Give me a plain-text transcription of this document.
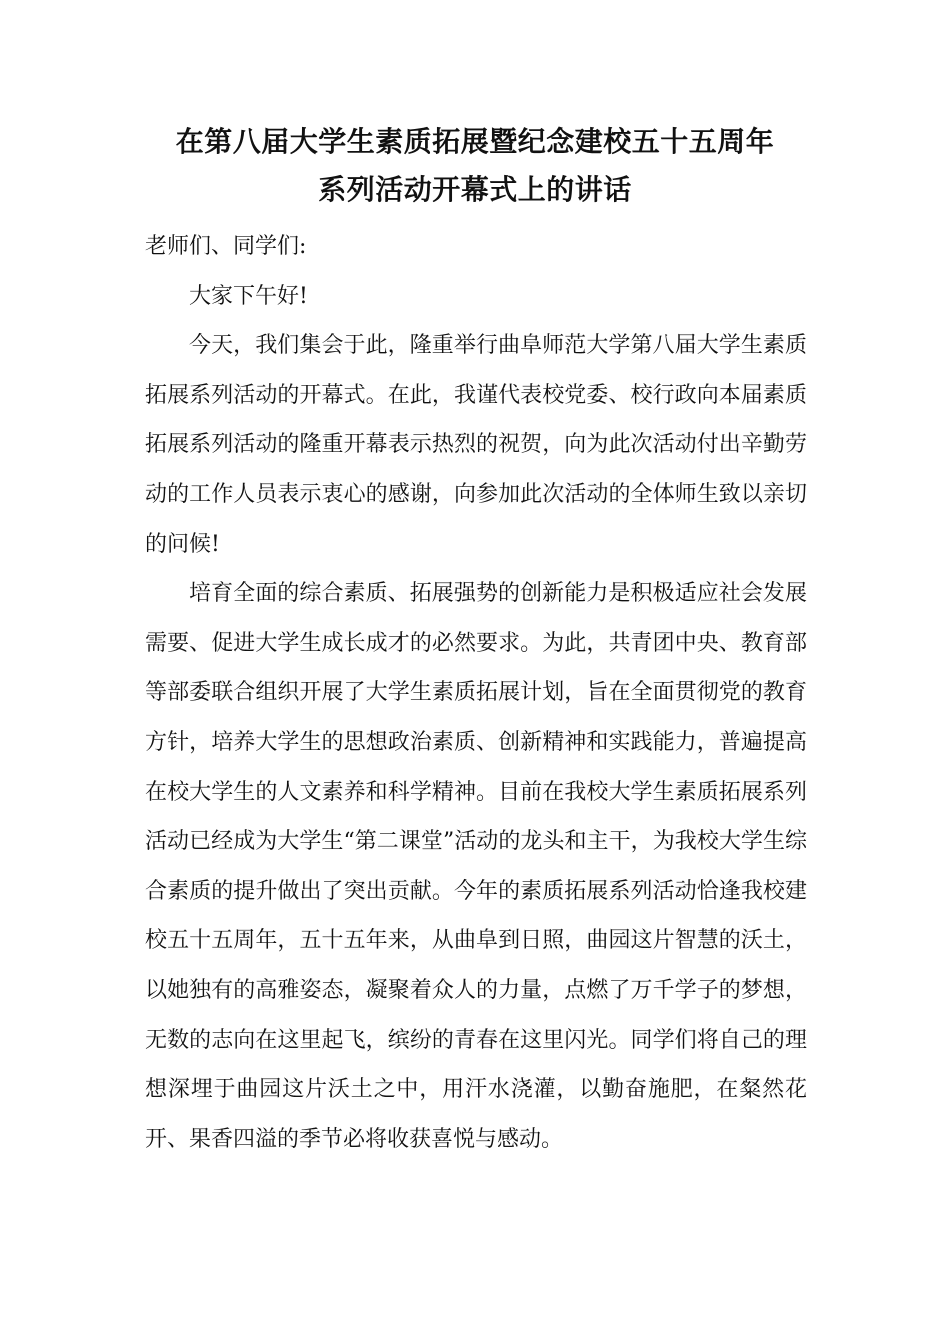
在第八届大学生素质拓展暨纪念建校五十五周年
系列活动开幕式上的讲话

老师们、同学们:

大家下午好!

今天，我们集会于此，隆重举行曲阜师范大学第八届大学生素质拓展系列活动的开幕式。在此，我谨代表校党委、校行政向本届素质拓展系列活动的隆重开幕表示热烈的祝贺，向为此次活动付出辛勤劳动的工作人员表示衷心的感谢，向参加此次活动的全体师生致以亲切的问候!

培育全面的综合素质、拓展强势的创新能力是积极适应社会发展需要、促进大学生成长成才的必然要求。为此，共青团中央、教育部等部委联合组织开展了大学生素质拓展计划，旨在全面贯彻党的教育方针，培养大学生的思想政治素质、创新精神和实践能力，普遍提高在校大学生的人文素养和科学精神。目前在我校大学生素质拓展系列活动已经成为大学生“第二课堂”活动的龙头和主干，为我校大学生综合素质的提升做出了突出贡献。今年的素质拓展系列活动恰逢我校建校五十五周年，五十五年来，从曲阜到日照，曲园这片智慧的沃土，以她独有的高雅姿态，凝聚着众人的力量，点燃了万千学子的梦想，无数的志向在这里起飞，缤纷的青春在这里闪光。同学们将自己的理想深埋于曲园这片沃土之中，用汗水浇灌，以勤奋施肥，在粲然花开、果香四溢的季节必将收获喜悦与感动。
